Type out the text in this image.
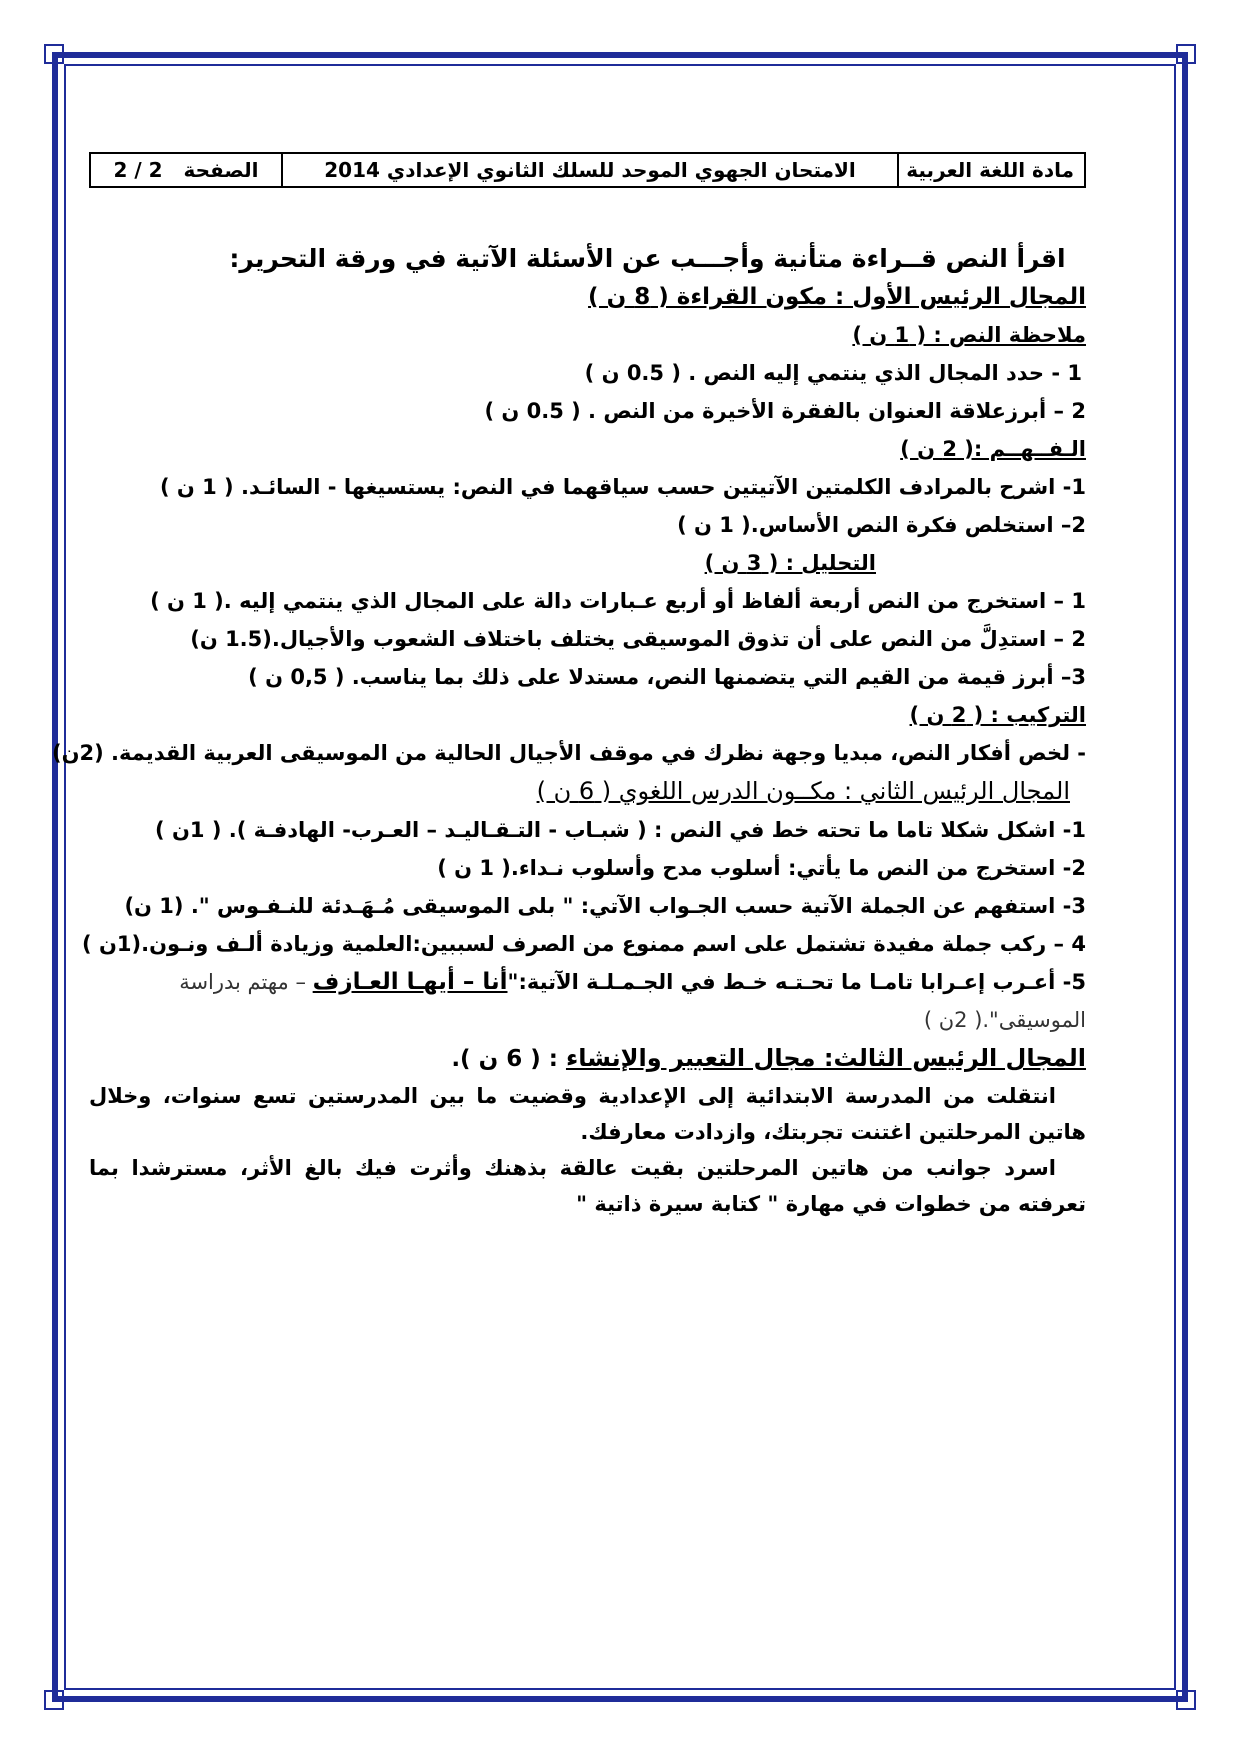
مادة اللغة العربية	الامتحان الجهوي الموحد للسلك الثانوي الإعدادي 2014	الصفحة   2 / 2

اقرأ النص قــراءة متأنية وأجـــب عن الأسئلة الآتية في ورقة التحرير:

المجال الرئيس الأول : مكون القراءة ( 8 ن )

ملاحظة النص : ( 1 ن )

1 - حدد المجال الذي ينتمي إليه النص . ( 0.5 ن )

2 – أبرزعلاقة العنوان بالفقرة الأخيرة من النص . ( 0.5 ن )

الـفــهــم :( 2 ن )

1- اشرح بالمرادف الكلمتين الآتيتين حسب سياقهما في النص: يستسيغها - السائـد. ( 1 ن )

2– استخلص فكرة النص الأساس.( 1 ن )

التحليل : ( 3 ن )

1 – استخرج من النص أربعة ألفاظ أو أربع عـبارات دالة على المجال الذي ينتمي إليه .( 1 ن )

2 – استدِلَّ من النص على أن تذوق الموسيقى يختلف باختلاف الشعوب والأجيال.(1.5 ن)

3– أبرز قيمة من القيم التي يتضمنها النص، مستدلا على ذلك بما يناسب. ( 0,5 ن )

التركيب : ( 2 ن )

- لخص أفكار النص، مبديا وجهة نظرك في موقف الأجيال الحالية من الموسيقى العربية القديمة. (2ن)

المجال الرئيس الثاني : مكــون الدرس اللغوي ( 6 ن )

1- اشكل شكلا تاما ما تحته خط في النص : ( شبـاب - التـقـاليـد – العـرب- الهادفـة ). ( 1ن )

2- استخرج من النص ما يأتي: أسلوب مدح وأسلوب نـداء.( 1 ن )

3- استفهم عن الجملة الآتية حسب الجـواب الآتي: " بلى الموسيقى مُـهَـدئة للنـفـوس ". (1 ن)

4 – ركب جملة مفيدة تشتمل على اسم ممنوع من الصرف لسببين:العلمية وزيادة ألـف ونـون.(1ن )

5- أعـرب إعـرابا تامـا ما تحـتـه خـط في الجـمـلـة الآتية:"أنا – أيهـا العـازف – مهتم بدراسة

الموسيقى".( 2ن )

المجال الرئيس الثالث: مجال التعبير والإنشاء : ( 6 ن ).

انتقلت من المدرسة الابتدائية إلى الإعدادية وقضيت ما بين المدرستين تسع سنوات، وخلال هاتين المرحلتين اغتنت تجربتك، وازدادت معارفك.

اسرد جوانب من هاتين المرحلتين بقيت عالقة بذهنك وأثرت فيك بالغ الأثر، مسترشدا بما تعرفته من خطوات في مهارة " كتابة سيرة ذاتية "
